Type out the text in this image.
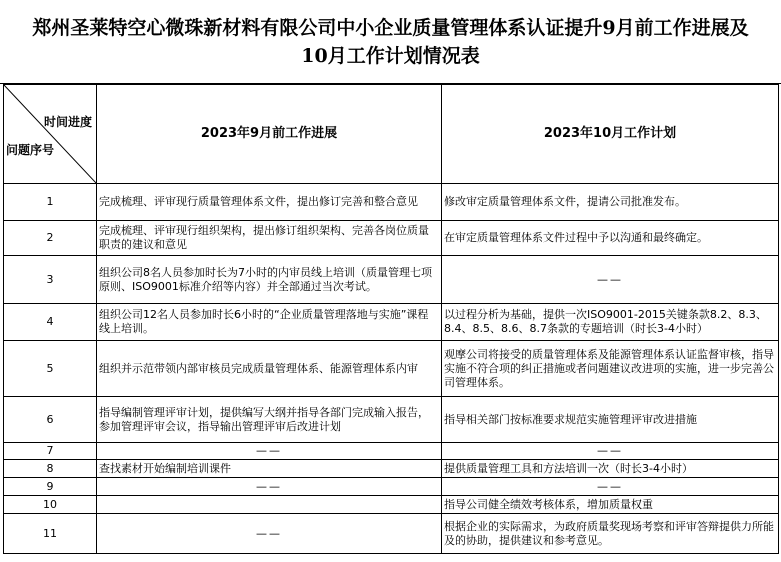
郑州圣莱特空心微珠新材料有限公司中小企业质量管理体系认证提升9月前工作进展及
10月工作计划情况表
时间进度
问题序号	2023年9月前工作进展	2023年10月工作计划
1	完成梳理、评审现行质量管理体系文件，提出修订完善和整合意见	修改审定质量管理体系文件，提请公司批准发布。
2	完成梳理、评审现行组织架构，提出修订组织架构、完善各岗位质量职责的建议和意见	在审定质量管理体系文件过程中予以沟通和最终确定。
3	组织公司8名人员参加时长为7小时的内审员线上培训（质量管理七项原则、ISO9001标准介绍等内容）并全部通过当次考试。	——
4	组织公司12名人员参加时长6小时的“企业质量管理落地与实施”课程线上培训。	以过程分析为基础，提供一次ISO9001-2015关键条款8.2、8.3、8.4、8.5、8.6、8.7条款的专题培训（时长3-4小时）
5	组织并示范带领内部审核员完成质量管理体系、能源管理体系内审	观摩公司将接受的质量管理体系及能源管理体系认证监督审核，指导实施不符合项的纠正措施或者问题建议改进项的实施，进一步完善公司管理体系。
6	指导编制管理评审计划，提供编写大纲并指导各部门完成输入报告，参加管理评审会议，指导输出管理评审后改进计划	指导相关部门按标准要求规范实施管理评审改进措施
7	——	——
8	查找素材开始编制培训课件	提供质量管理工具和方法培训一次（时长3-4小时）
9	——	——
10		指导公司健全绩效考核体系，增加质量权重
11	——	根据企业的实际需求，为政府质量奖现场考察和评审答辩提供力所能及的协助，提供建议和参考意见。
